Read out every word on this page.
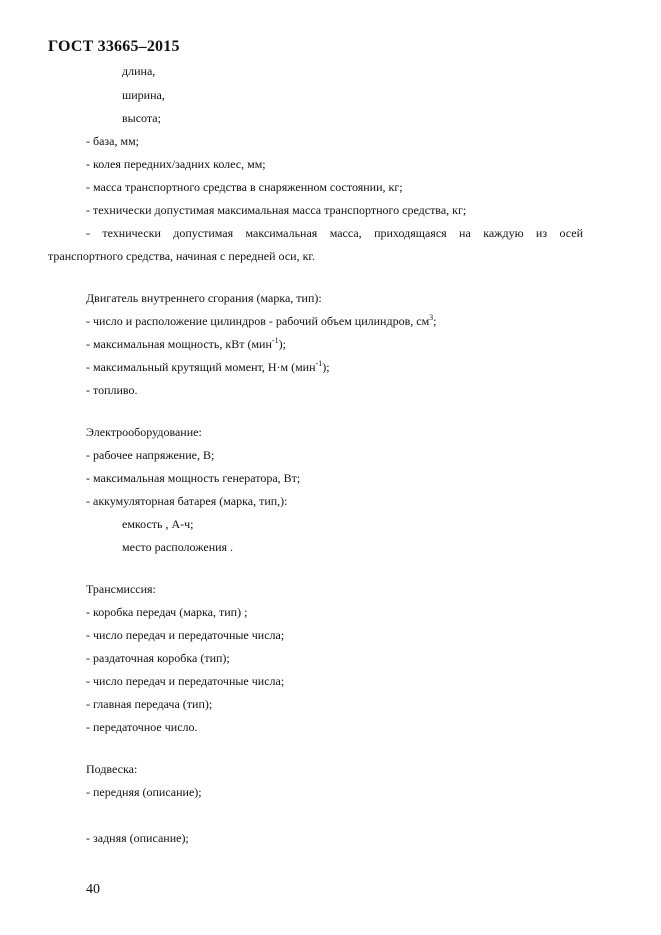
ГОСТ 33665–2015
длина,
ширина,
высота;
- база, мм;
- колея передних/задних колес, мм;
- масса транспортного средства в снаряженном состоянии, кг;
- технически допустимая максимальная масса транспортного средства, кг;
- технически допустимая максимальная масса, приходящаяся на каждую из осей
транспортного средства, начиная с передней оси, кг.
Двигатель внутреннего сгорания (марка, тип):
- число и расположение цилиндров - рабочий объем цилиндров, $см^3$;
- максимальная мощность, кВт (мин$^{-1}$);
- максимальный крутящий момент, Н·м (мин$^{-1}$);
- топливо.
Электрооборудование:
- рабочее напряжение, В;
- максимальная мощность генератора, Вт;
- аккумуляторная батарея (марка, тип,):
емкость , А-ч;
место расположения .
Трансмиссия:
- коробка передач (марка, тип) ;
- число передач и передаточные числа;
- раздаточная коробка (тип);
- число передач и передаточные числа;
- главная передача (тип);
- передаточное число.
Подвеска:
- передняя (описание);
- задняя (описание);
40
